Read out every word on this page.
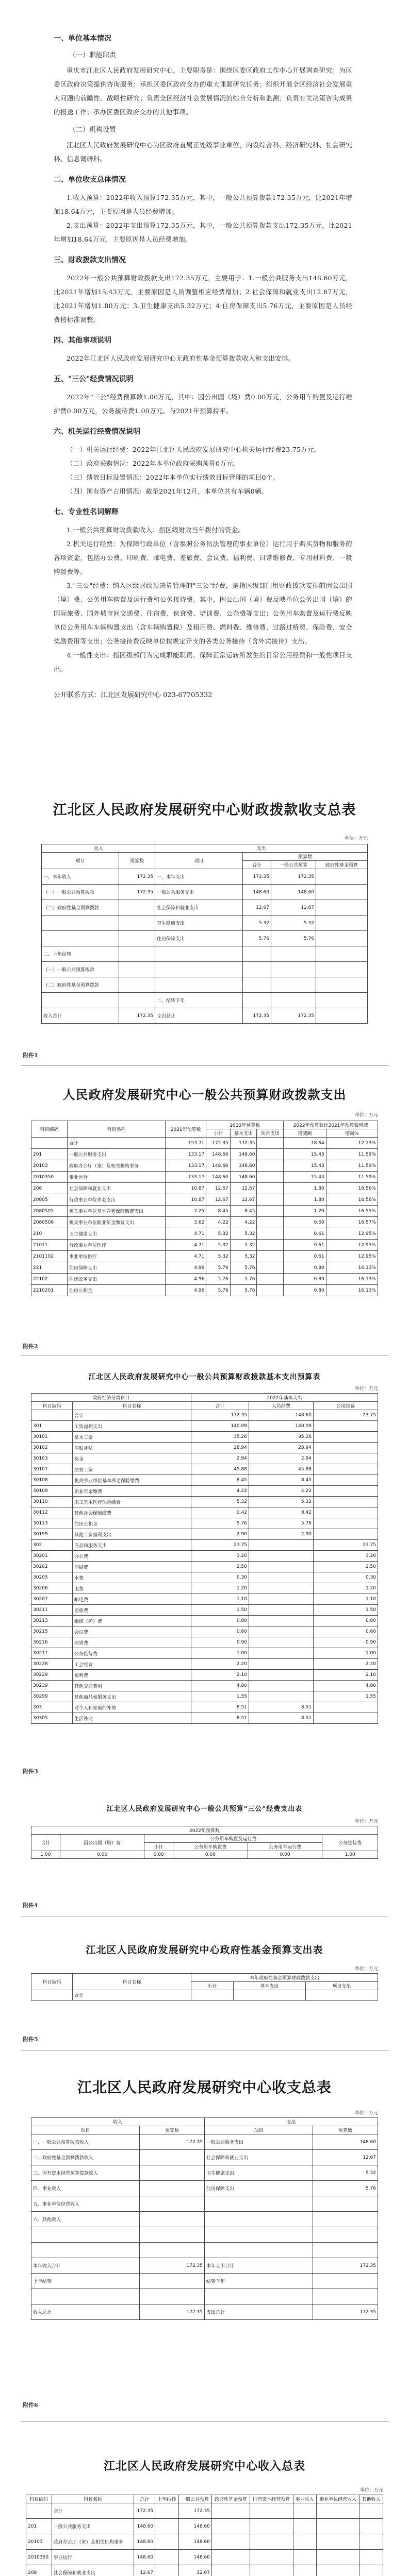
一、单位基本情况
（一）职能职责

重庆市江北区人民政府发展研究中心，主要职责是：围绕区委区政府工作中心开展调查研究；为区委区政府决策提供咨询服务；承担区委区政府交办的重大课题研究任务；组织开展全区经济社会发展重大问题的前瞻性、战略性研究；负责全区经济社会发展情况的综合分析和监测；负责有关决策咨询成果的报送工作；承办区委区政府交办的其他事项。

（二）机构设置

江北区人民政府发展研究中心为区政府直属正处级事业单位，内设综合科、经济研究科、社会研究科、信息调研科。

二、单位收支总体情况

1.收入预算：2022年收入预算172.35万元，其中，一般公共预算拨款172.35万元，比2021年增加18.64万元，主要原因是人员经费增加。

2.支出预算：2022年支出预算172.35万元，其中，一般公共预算拨款支出172.35万元，比2021年增加18.64万元，主要原因是人员经费增加。

三、财政拨款支出情况

2022年一般公共预算财政拨款支出172.35万元，主要用于：1.一般公共服务支出148.60万元，比2021年增加15.43万元，主要原因是人员调整相应经费增加；2.社会保障和就业支出12.67万元，比2021年增加1.80万元；3.卫生健康支出5.32万元；4.住房保障支出5.76万元，主要原因是人员经费按标准调整。

四、其他事项说明

2022年江北区人民政府发展研究中心无政府性基金预算拨款收入和支出安排。

五、"三公"经费情况说明

2022年"三公"经费预算数1.00万元，其中：因公出国（境）费0.00万元，公务用车购置及运行维护费0.00万元，公务接待费1.00万元。与2021年预算持平。

六、机关运行经费情况说明

（一）机关运行经费：2022年江北区人民政府发展研究中心机关运行经费23.75万元。

（二）政府采购情况：2022年本单位政府采购预算0万元。

（三）绩效目标设置情况：2022年本单位实行绩效目标管理的项目0个。

（四）国有资产占用情况：截至2021年12月，本单位共有车辆0辆。

七、专业性名词解释

1.一般公共预算财政拨款收入：指区级财政当年拨付的资金。

2.机关运行经费：为保障行政单位（含参照公务员法管理的事业单位）运行用于购买货物和服务的各项资金，包括办公费、印刷费、邮电费、差旅费、会议费、福利费、日常维修费、专用材料费、一般购置费等。

3."三公"经费：纳入区级财政预决算管理的"三公"经费，是指区级部门用财政拨款安排的因公出国（境）费、公务用车购置及运行费和公务接待费。其中，因公出国（境）费反映单位公务出国（境）的国际旅费、国外城市间交通费、住宿费、伙食费、培训费、公杂费等支出；公务用车购置及运行费反映单位公务用车车辆购置支出（含车辆购置税）及租用费、燃料费、维修费、过路过桥费、保险费、安全奖励费用等支出；公务接待费反映单位按规定开支的各类公务接待（含外宾接待）支出。

4.一般性支出：指区级部门为完成职能职责、保障正常运转所发生的日常公用经费和一般性项目支出。

公开联系方式：江北区发展研究中心 023-67705332
江北区人民政府发展研究中心财政拨款收支总表
单位：万元
收入		支出			
项目	预算数	项目	预算数		
			合计	一般公共预算	政府性基金预算
一、本年收入	172.35	一、本年支出	172.35	172.35	
（一）一般公共预算拨款	172.35	一般公共服务支出	148.60	148.60	
（二）政府性基金预算拨款		社会保障和就业支出	12.67	12.67	
		卫生健康支出	5.32	5.32	
		住房保障支出	5.76	5.76	
二、上年结转					
（一）一般公共预算拨款					
（二）政府性基金预算拨款					
		二、结转下年			
收入总计	172.35	支出总计	172.35	172.35	
附件1
人民政府发展研究中心一般公共预算财政拨款支出
单位：万元
科目编码	科目名称	2021年预算数	2022年预算数			2022年预算数比2021年预算数增减	
			小计	基本支出	项目支出	增减额	增减%
	合计	153.71	172.35	172.35		18.64	12.13%
201	一般公共服务支出	133.17	148.60	148.60		15.43	11.59%
20103	政府办公厅（室）及相关机构事务	133.17	148.60	148.60		15.43	11.59%
2010350	事业运行	133.17	148.60	148.60		15.43	11.59%
208	社会保障和就业支出	10.87	12.67	12.67		1.80	16.56%
20805	行政事业单位养老支出	10.87	12.67	12.67		1.80	16.56%
2080505	机关事业单位基本养老保险缴费支出	7.25	8.45	8.45		1.20	16.55%
2080506	机关事业单位职业年金缴费支出	3.62	4.22	4.22		0.60	16.57%
210	卫生健康支出	4.71	5.32	5.32		0.61	12.95%
21011	行政事业单位医疗	4.71	5.32	5.32		0.61	12.95%
2101102	事业单位医疗	4.71	5.32	5.32		0.61	12.95%
221	住房保障支出	4.96	5.76	5.76		0.80	16.13%
22102	住房改革支出	4.96	5.76	5.76		0.80	16.13%
2210201	住房公积金	4.96	5.76	5.76		0.80	16.13%
附件2
江北区人民政府发展研究中心一般公共预算财政拨款基本支出预算表
单位：万元
政府经济分类科目		2022年基本支出		
科目编码	科目名称	合计	人员经费	公用经费
	合计	172.35	148.60	23.75
301	工资福利支出	140.09	140.09	
30101	基本工资	35.26	35.26	
30102	津贴补贴	28.94	28.94	
30103	奖金	2.94	2.94	
30107	绩效工资	45.88	45.88	
30108	机关事业单位基本养老保险缴费	8.45	8.45	
30109	职业年金缴费	4.22	4.22	
30110	职工基本医疗保险缴费	5.32	5.32	
30112	其他社会保障缴费	0.42	0.42	
30113	住房公积金	5.76	5.76	
30199	其他工资福利支出	2.90	2.90	
302	商品和服务支出	23.75		23.75
30201	办公费	3.20		3.20
30202	印刷费	2.50		2.50
30205	水费	0.30		0.30
30206	电费	1.20		1.20
30207	邮电费	1.10		1.10
30211	差旅费	1.50		1.50
30213	维修（护）费	0.80		0.80
30215	会议费	0.60		0.60
30216	培训费	0.90		0.90
30217	公务接待费	1.00		1.00
30228	工会经费	2.20		2.20
30229	福利费	2.10		2.10
30239	其他交通费用	4.80		4.80
30299	其他商品和服务支出	1.55		1.55
303	对个人和家庭的补助	8.51	8.51	
30305	生活补助	8.51	8.51	
附件3
江北区人民政府发展研究中心一般公共预算"三公"经费支出表
单位：万元
2022年预算数					
合计	因公出国（境）费	公务用车购置及运行费			公务接待费
		小计	公务用车购置费	公务用车运行费	
1.00	0.00	0.00	0.00	0.00	1.00
附件4
江北区人民政府发展研究中心政府性基金预算支出表
单位：万元
科目编码	科目名称	本年政府性基金预算财政拨款支出		
		小计	基本支出	项目支出
	合计			
附件5
江北区人民政府发展研究中心收支总表
单位：万元
收入		支出	
项目	预算数	项目	预算数
一、一般公共预算拨款收入	172.35	一般公共服务支出	148.60
二、政府性基金预算拨款收入		社会保障和就业支出	12.67
三、国有资本经营预算拨款收入		卫生健康支出	5.32
四、事业收入		住房保障支出	5.76
五、事业单位经营收入			
六、其他收入			

本年收入合计	172.35	本年支出合计	172.35
上年结转		结转下年	

收入总计	172.35	支出总计	172.35
附件6
江北区人民政府发展研究中心收入总表
单位：万元
科目编码	科目名称	总计	上年结转	一般公共预算	政府性基金预算	国有资本经营预算	事业收入	事业单位经营收入	其他收入
	合计	172.35		172.35					
201	一般公共服务支出	148.60		148.60					
20103	政府办公厅（室）及相关机构事务	148.60		148.60					
2010350	事业运行	148.60		148.60					
208	社会保障和就业支出	12.67		12.67					
